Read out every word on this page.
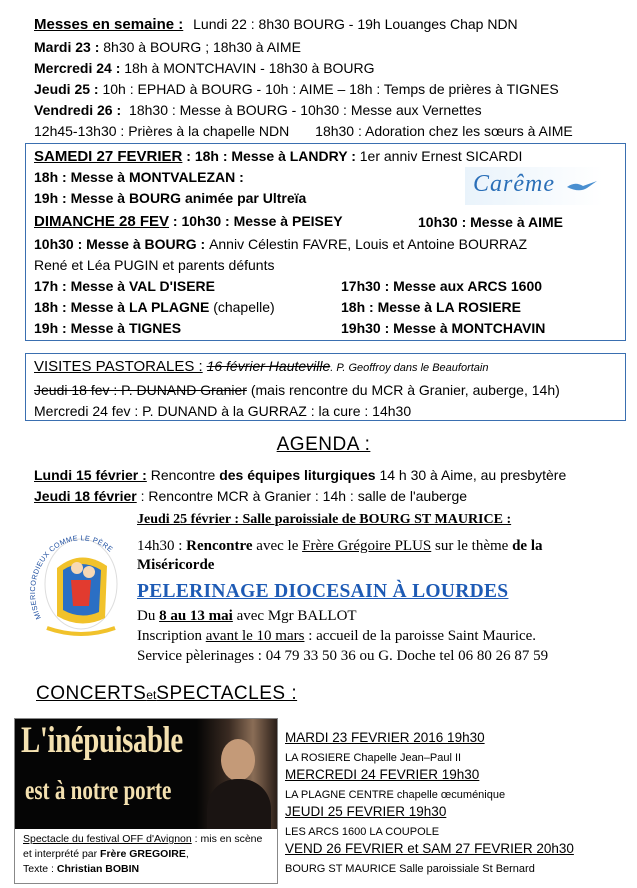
Messes en semaine : Lundi 22 : 8h30 BOURG - 19h Louanges Chap NDN
Mardi 23 : 8h30 à BOURG ; 18h30 à AIME
Mercredi 24 : 18h à MONTCHAVIN - 18h30 à BOURG
Jeudi 25 : 10h : EPHAD à BOURG - 10h : AIME – 18h : Temps de prières à TIGNES
Vendredi 26 : 18h30 : Messe à BOURG - 10h30 : Messe aux Vernettes
12h45-13h30 : Prières à la chapelle NDN 18h30 : Adoration chez les sœurs à AIME
SAMEDI 27 FEVRIER : 18h : Messe à LANDRY : 1er anniv Ernest SICARDI
18h : Messe à MONTVALEZAN :
19h : Messe à BOURG animée par Ultreïa
Carême
DIMANCHE 28 FEV : 10h30 : Messe à PEISEY	10h30 : Messe à AIME
10h30 : Messe à BOURG : Anniv Célestin FAVRE, Louis et Antoine BOURRAZ
René et Léa PUGIN et parents défunts
17h : Messe à VAL D'ISERE	17h30 : Messe aux ARCS 1600
18h : Messe à LA PLAGNE (chapelle)	18h : Messe à LA ROSIERE
19h : Messe à TIGNES	19h30 : Messe à MONTCHAVIN
VISITES PASTORALES : 16 février Hauteville. P. Geoffroy dans le Beaufortain
Jeudi 18 fev : P. DUNAND Granier (mais rencontre du MCR à Granier, auberge, 14h)
Mercredi 24 fev : P. DUNAND à la GURRAZ : la cure : 14h30
AGENDA :
Lundi 15 février : Rencontre des équipes liturgiques 14 h 30 à Aime, au presbytère
Jeudi 18 février : Rencontre MCR à Granier : 14h : salle de l'auberge
MISERICORDIEUX COMME LE PÈRE
Jeudi 25 février : Salle paroissiale de BOURG ST MAURICE :
14h30 : Rencontre avec le Frère Grégoire PLUS sur le thème de la
Miséricorde
PELERINAGE DIOCESAIN À LOURDES
Du 8 au 13 mai avec Mgr BALLOT
Inscription avant le 10 mars : accueil de la paroisse Saint Maurice.
Service pèlerinages : 04 79 33 50 36 ou G. Doche tel 06 80 26 87 59
CONCERTSetSPECTACLES :
L'inépuisable
est à notre porte
Spectacle du festival OFF d'Avignon : mis en scène et interprété par Frère GREGOIRE,
Texte : Christian BOBIN
MARDI 23 FEVRIER 2016 19h30
LA ROSIERE Chapelle Jean–Paul II
MERCREDI 24 FEVRIER 19h30
LA PLAGNE CENTRE chapelle œcuménique
JEUDI 25 FEVRIER 19h30
LES ARCS 1600 LA COUPOLE
VEND 26 FEVRIER et SAM 27 FEVRIER 20h30
BOURG ST MAURICE Salle paroissiale St Bernard
